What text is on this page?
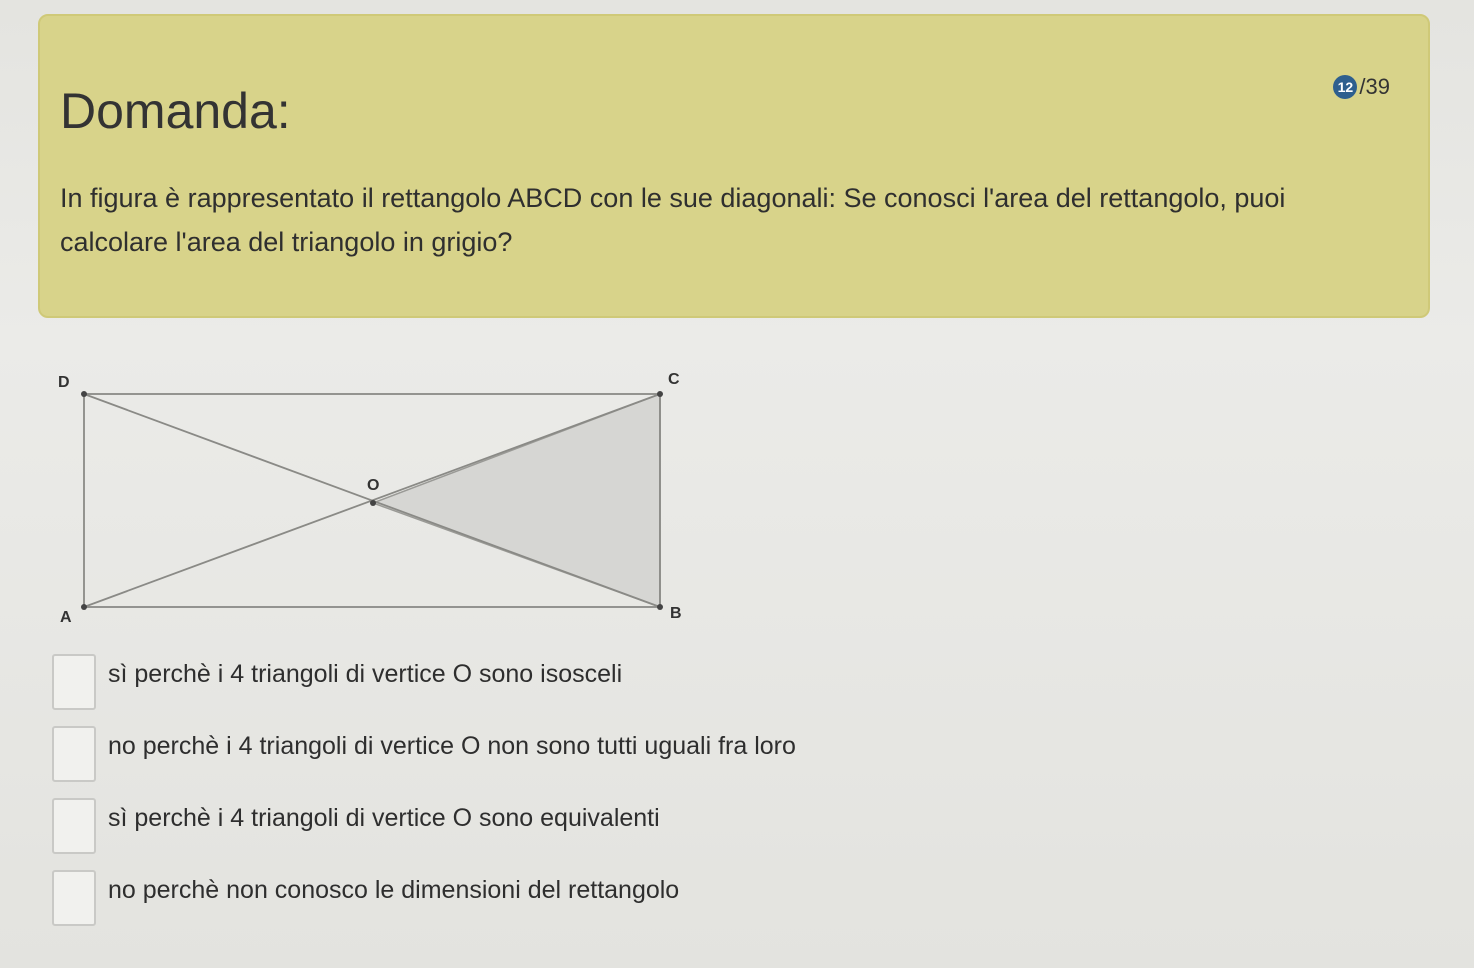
Domanda:	12 /39

In figura è rappresentato il rettangolo ABCD con le sue diagonali: Se conosci l'area del rettangolo, puoi calcolare l'area del triangolo in grigio?

D	C
O
A	B
sì perchè i 4 triangoli di vertice O sono isosceli
no perchè i 4 triangoli di vertice O non sono tutti uguali fra loro
sì perchè i 4 triangoli di vertice O sono equivalenti
no perchè non conosco le dimensioni del rettangolo
